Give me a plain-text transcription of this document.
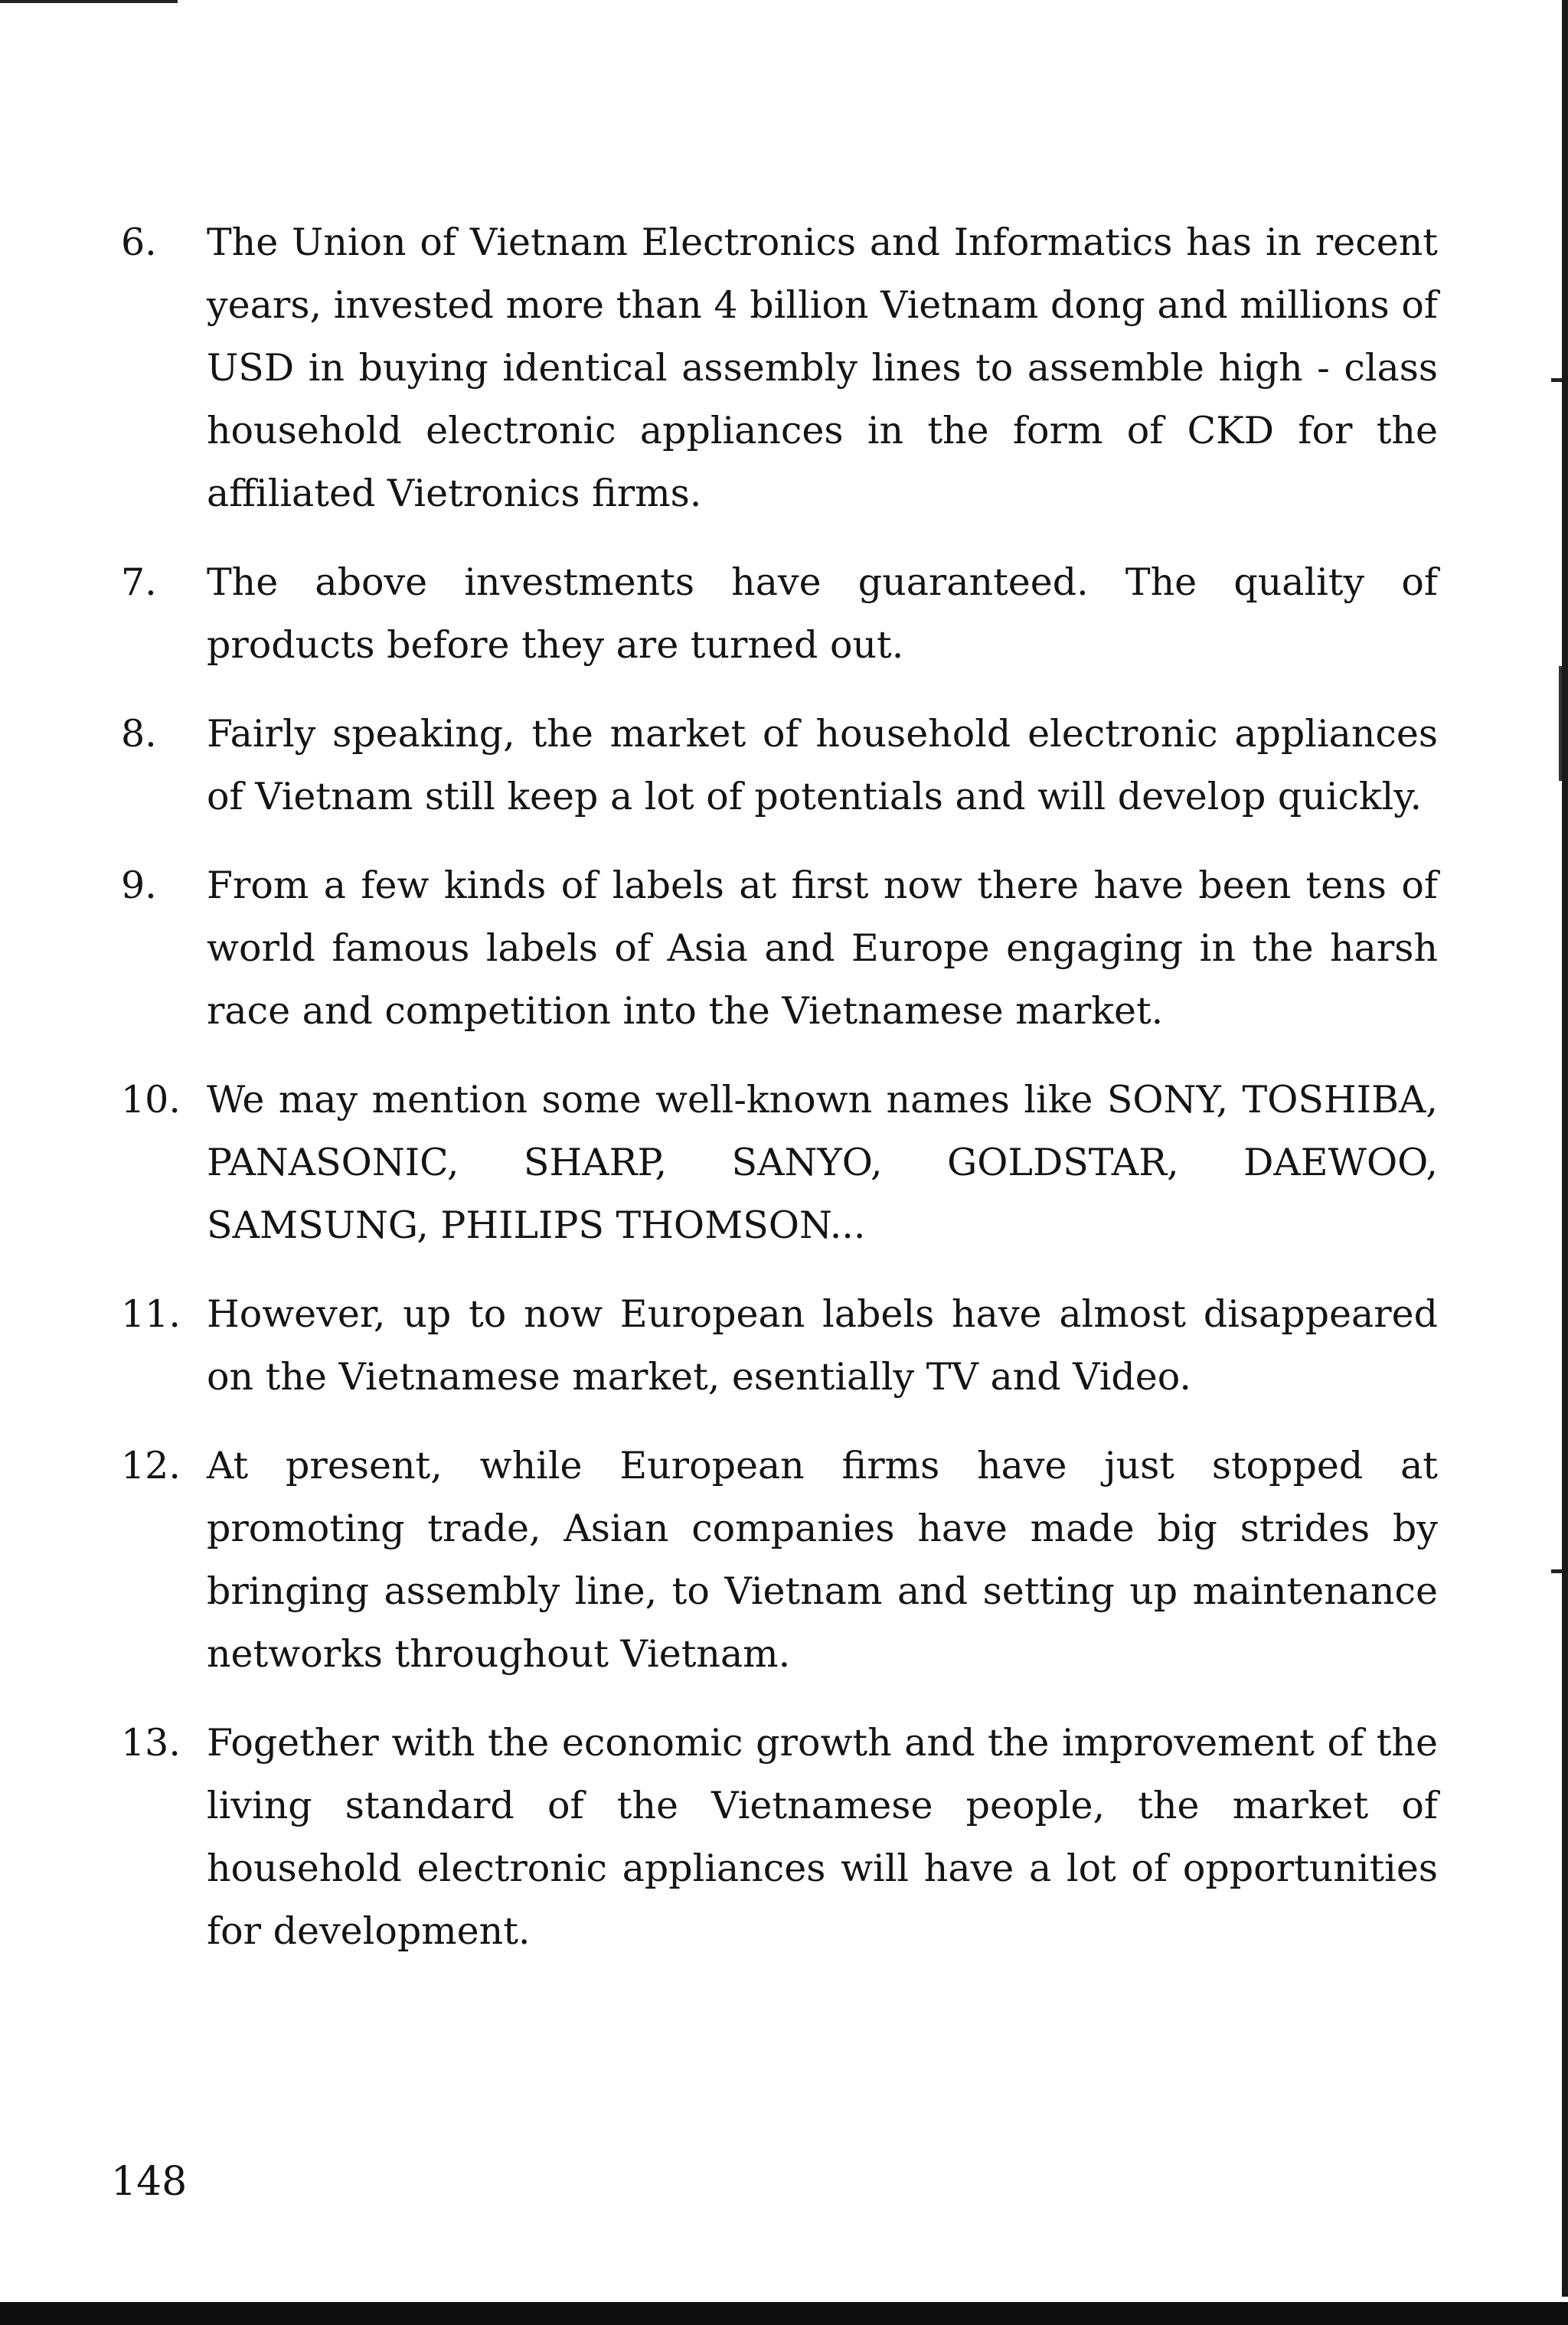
6. The Union of Vietnam Electronics and Informatics has in recent years, invested more than 4 billion Vietnam dong and millions of USD in buying identical assembly lines to assemble high - class household electronic appliances in the form of CKD for the affiliated Vietronics firms.
7. The above investments have guaranteed. The quality of products before they are turned out.
8. Fairly speaking, the market of household electronic appliances of Vietnam still keep a lot of potentials and will develop quickly.
9. From a few kinds of labels at first now there have been tens of world famous labels of Asia and Europe engaging in the harsh race and competition into the Vietnamese market.
10. We may mention some well-known names like SONY, TOSHIBA, PANASONIC, SHARP, SANYO, GOLDSTAR, DAEWOO, SAMSUNG, PHILIPS THOMSON...
11. However, up to now European labels have almost disappeared on the Vietnamese market, esentially TV and Video.
12. At present, while European firms have just stopped at promoting trade, Asian companies have made big strides by bringing assembly line, to Vietnam and setting up maintenance networks throughout Vietnam.
13. Fogether with the economic growth and the improvement of the living standard of the Vietnamese people, the market of household electronic appliances will have a lot of opportunities for development.
148
